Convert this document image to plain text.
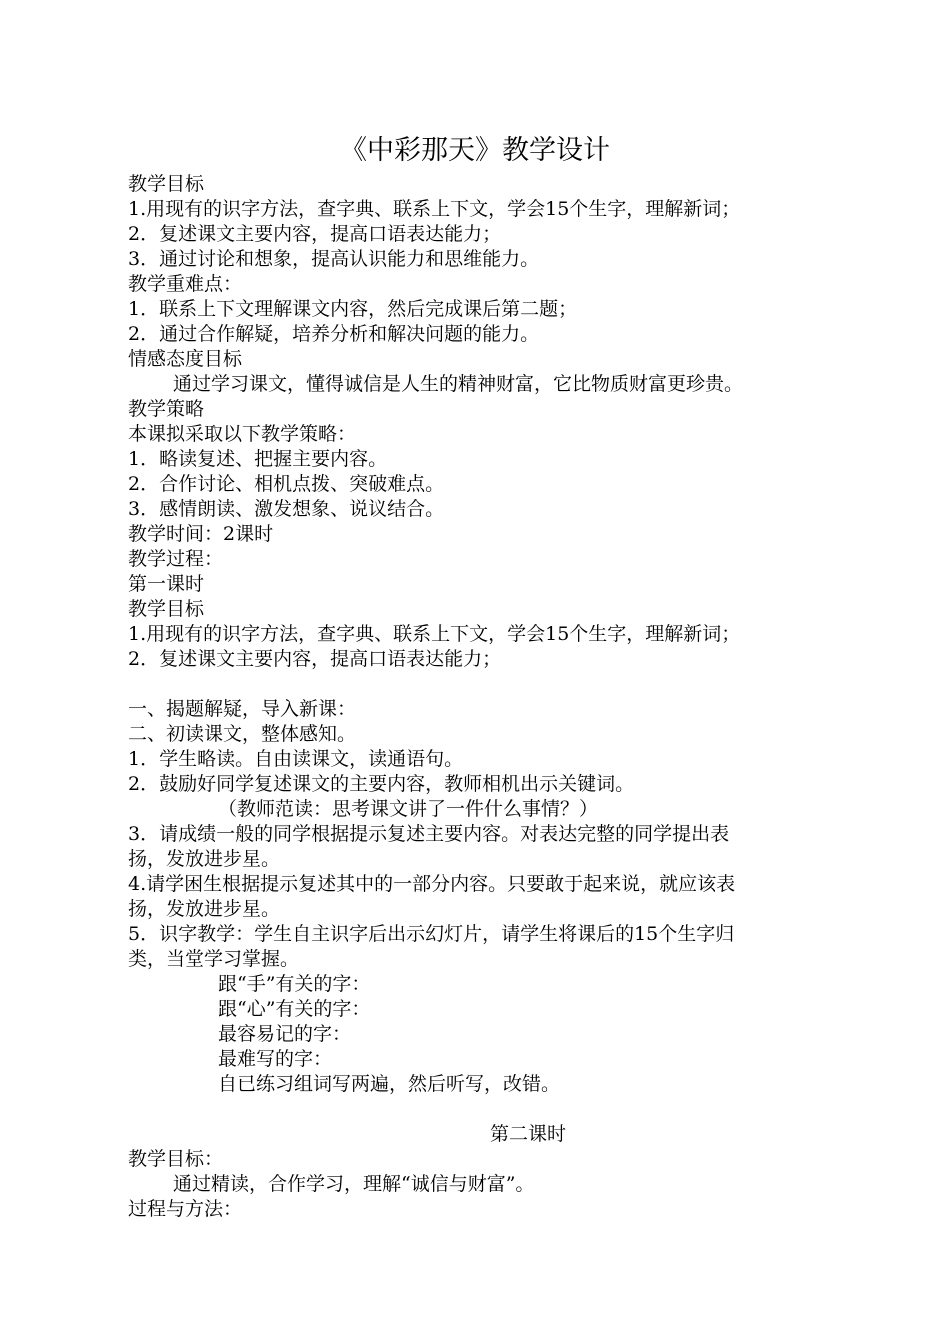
《中彩那天》教学设计
教学目标
1.用现有的识字方法，查字典、联系上下文，学会15个生字，理解新词；
2．复述课文主要内容，提高口语表达能力；
3．通过讨论和想象，提高认识能力和思维能力。
教学重难点：
1．联系上下文理解课文内容，然后完成课后第二题；
2．通过合作解疑，培养分析和解决问题的能力。
情感态度目标
通过学习课文，懂得诚信是人生的精神财富，它比物质财富更珍贵。
教学策略
本课拟采取以下教学策略：
1．略读复述、把握主要内容。
2．合作讨论、相机点拨、突破难点。
3．感情朗读、激发想象、说议结合。
教学时间：2课时
教学过程：
第一课时
教学目标
1.用现有的识字方法，查字典、联系上下文，学会15个生字，理解新词；
2．复述课文主要内容，提高口语表达能力；
一、揭题解疑，导入新课：
二、初读课文，整体感知。
1．学生略读。自由读课文，读通语句。
2．鼓励好同学复述课文的主要内容，教师相机出示关键词。
（教师范读：思考课文讲了一件什么事情？）
3．请成绩一般的同学根据提示复述主要内容。对表达完整的同学提出表
扬，发放进步星。
4.请学困生根据提示复述其中的一部分内容。只要敢于起来说，就应该表
扬，发放进步星。
5．识字教学：学生自主识字后出示幻灯片，请学生将课后的15个生字归
类，当堂学习掌握。
跟“手”有关的字：
跟“心”有关的字：
最容易记的字：
最难写的字：
自已练习组词写两遍，然后听写，改错。
第二课时
教学目标：
通过精读，合作学习，理解“诚信与财富”。
过程与方法：
